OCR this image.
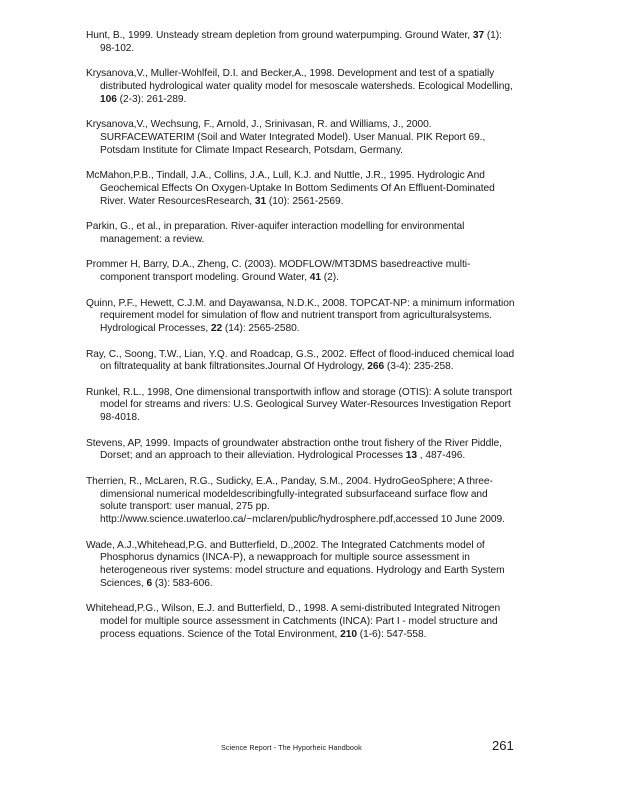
Hunt, B., 1999. Unsteady stream depletion from ground waterpumping. Ground Water, 37 (1): 98-102.

Krysanova,V., Muller-Wohlfeil, D.I. and Becker,A., 1998. Development and test of a spatially distributed hydrological water quality model for mesoscale watersheds. Ecological Modelling, 106 (2-3): 261-289.

Krysanova,V., Wechsung, F., Arnold, J., Srinivasan, R. and Williams, J., 2000. SURFACEWATERIM (Soil and Water Integrated Model). User Manual. PIK Report 69., Potsdam Institute for Climate Impact Research, Potsdam, Germany.

McMahon,P.B., Tindall, J.A., Collins, J.A., Lull, K.J. and Nuttle, J.R., 1995. Hydrologic And Geochemical Effects On Oxygen-Uptake In Bottom Sediments Of An Effluent-Dominated River. Water ResourcesResearch, 31 (10): 2561-2569.

Parkin, G., et al., in preparation. River-aquifer interaction modelling for environmental management: a review.

Prommer H, Barry, D.A., Zheng, C. (2003). MODFLOW/MT3DMS basedreactive multi-component transport modeling. Ground Water, 41 (2).

Quinn, P.F., Hewett, C.J.M. and Dayawansa, N.D.K., 2008. TOPCAT-NP: a minimum information requirement model for simulation of flow and nutrient transport from agriculturalsystems. Hydrological Processes, 22 (14): 2565-2580.

Ray, C., Soong, T.W., Lian, Y.Q. and Roadcap, G.S., 2002. Effect of flood-induced chemical load on filtratequality at bank filtrationsites.Journal Of Hydrology, 266 (3-4): 235-258.

Runkel, R.L., 1998, One dimensional transportwith inflow and storage (OTIS): A solute transport model for streams and rivers: U.S. Geological Survey Water-Resources Investigation Report 98-4018.

Stevens, AP, 1999. Impacts of groundwater abstraction onthe trout fishery of the River Piddle, Dorset; and an approach to their alleviation. Hydrological Processes 13 , 487-496.

Therrien, R., McLaren, R.G., Sudicky, E.A., Panday, S.M., 2004. HydroGeoSphere; A three-dimensional numerical modeldescribingfully-integrated subsurfaceand surface flow and solute transport: user manual, 275 pp. http://www.science.uwaterloo.ca/~mclaren/public/hydrosphere.pdf,accessed 10 June 2009.

Wade, A.J.,Whitehead,P.G. and Butterfield, D.,2002. The Integrated Catchments model of Phosphorus dynamics (INCA-P), a newapproach for multiple source assessment in heterogeneous river systems: model structure and equations. Hydrology and Earth System Sciences, 6 (3): 583-606.

Whitehead,P.G., Wilson, E.J. and Butterfield, D., 1998. A semi-distributed Integrated Nitrogen model for multiple source assessment in Catchments (INCA): Part I - model structure and process equations. Science of the Total Environment, 210 (1-6): 547-558.

Science Report - The Hyporheic Handbook	261
